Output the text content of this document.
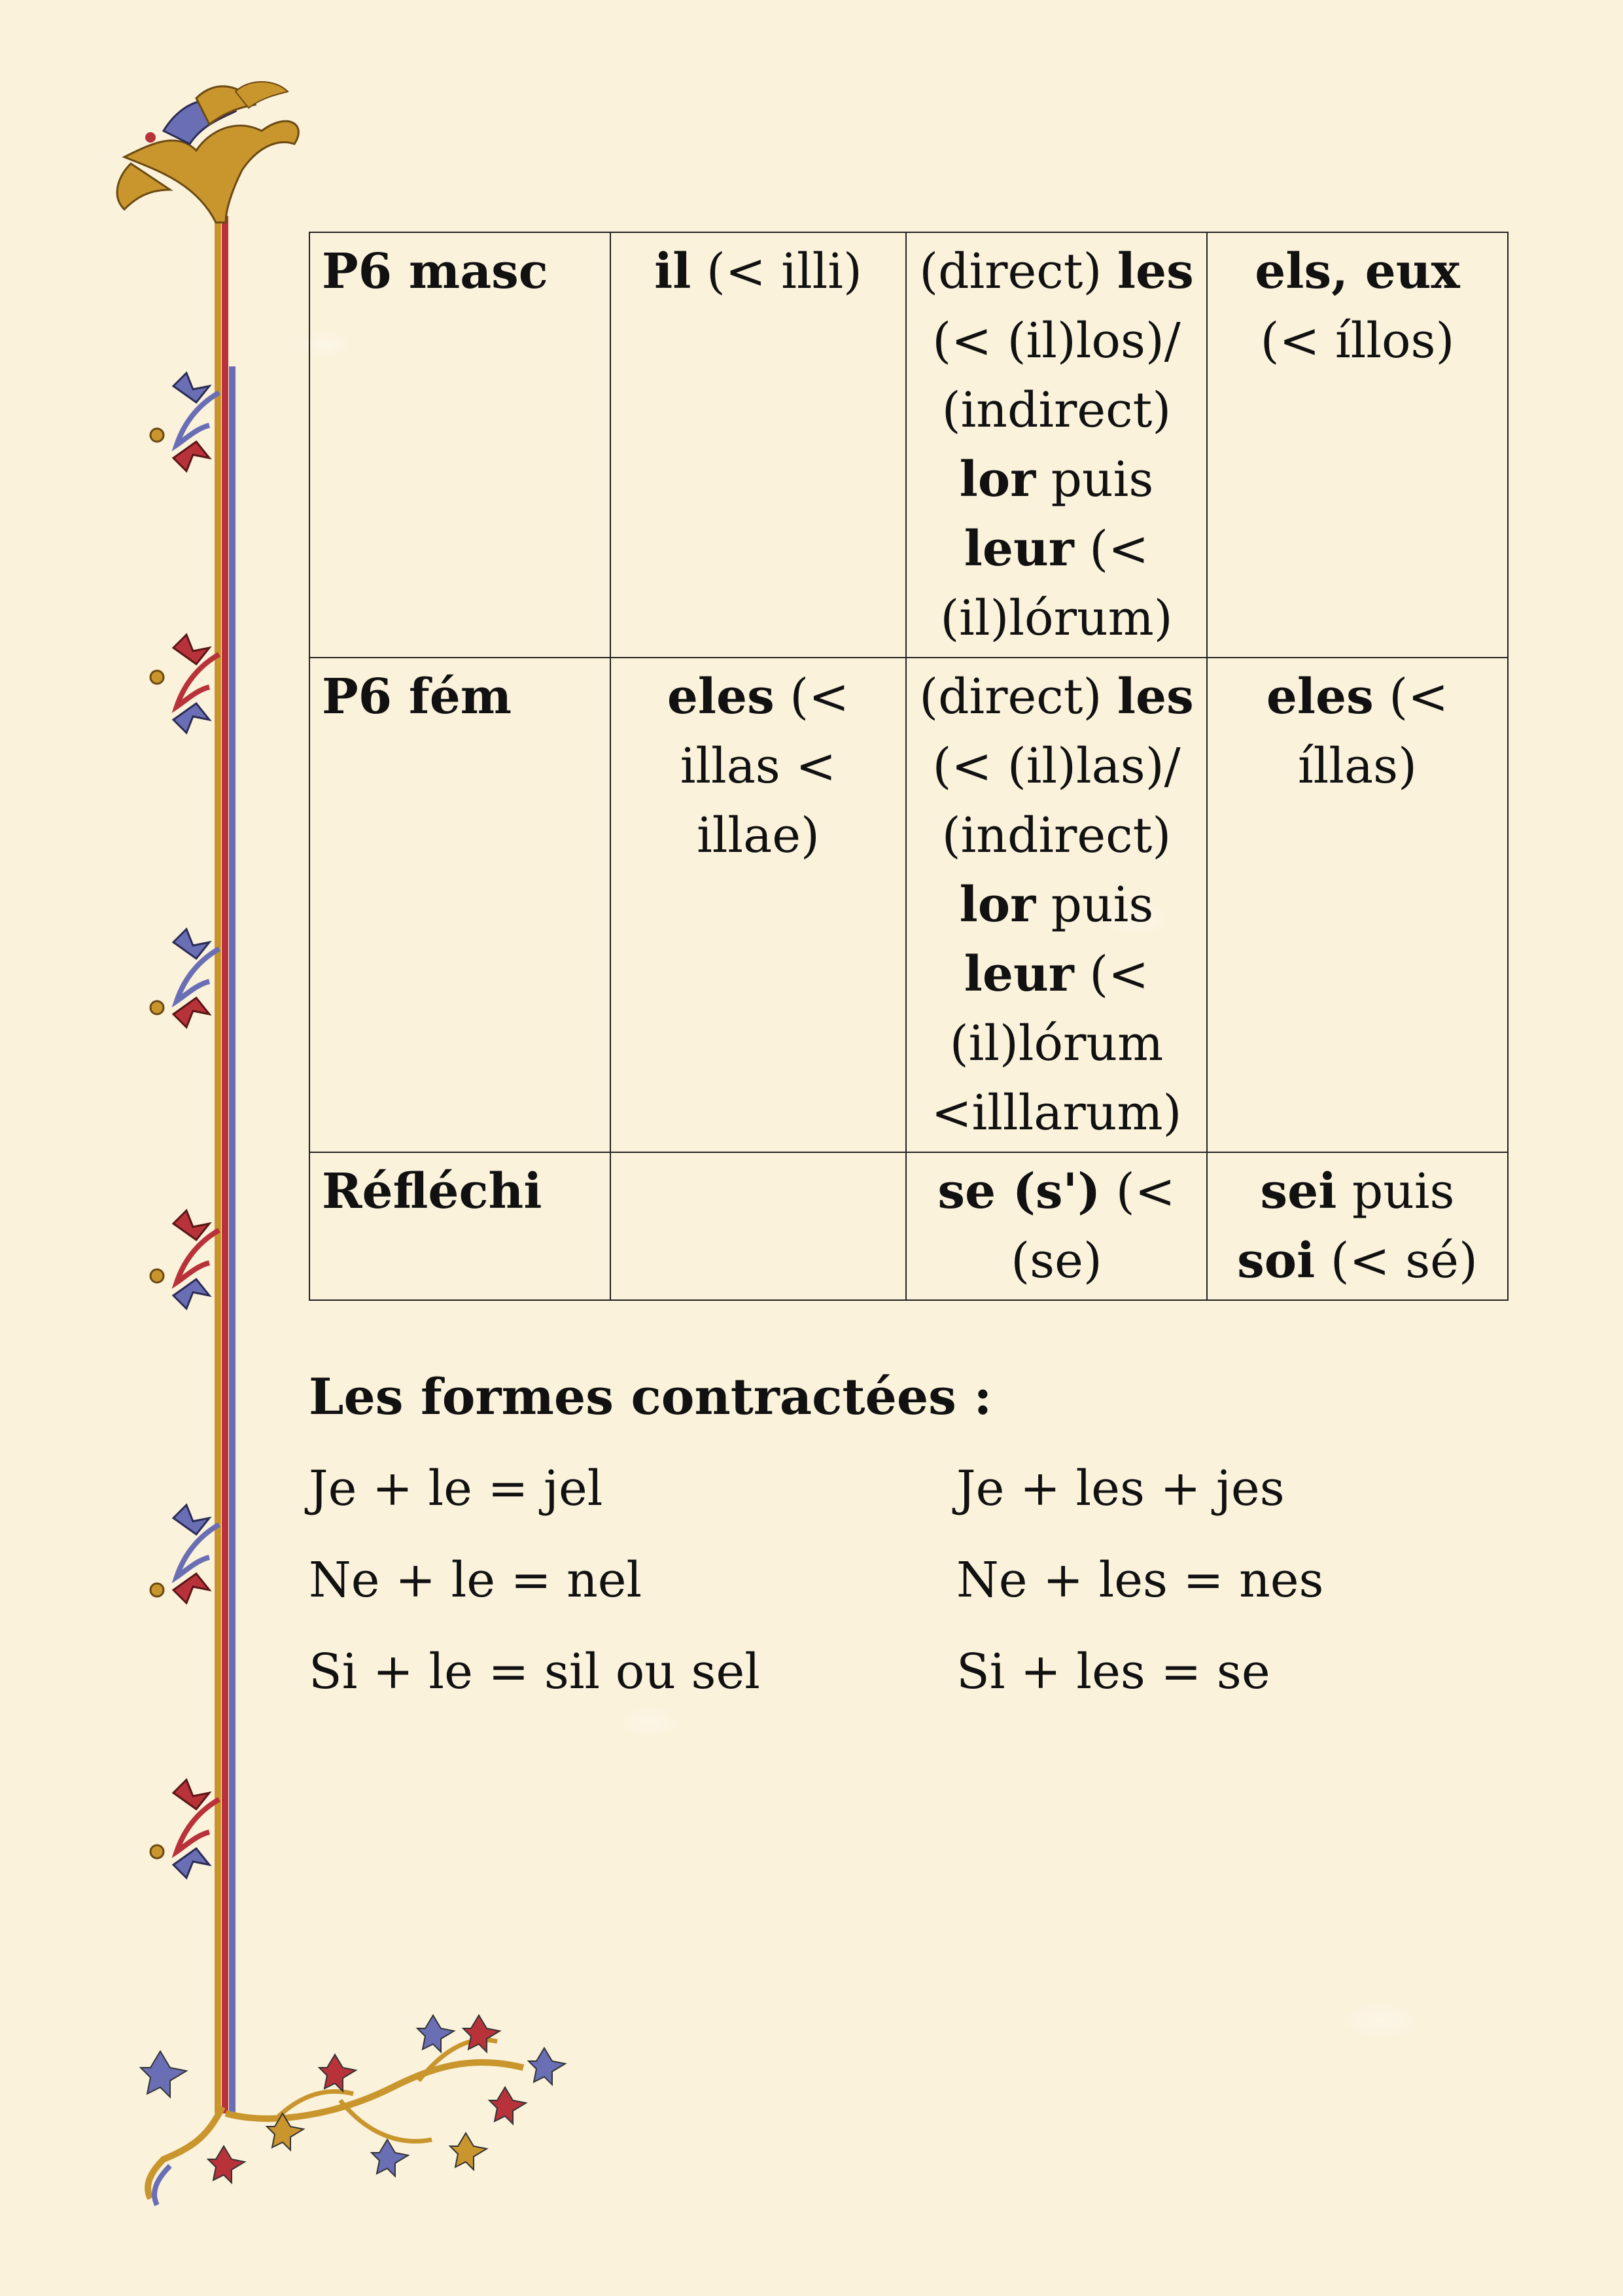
P6 masc	il (< illi)	(direct) les (< (il)los)/ (indirect) lor puis leur (< (il)lórum)	els, eux (< íllos)
P6 fém	eles (< illas < illae)	(direct) les (< (il)las)/ (indirect) lor puis leur (< (il)lórum <illlarum)	eles (< íllas)
Réfléchi		se (s') (< (se)	sei puis soi (< sé)
Les formes contractées :
Je + le = jel
Ne + le = nel
Si + le = sil ou sel
Je + les + jes
Ne + les = nes
Si + les = se
